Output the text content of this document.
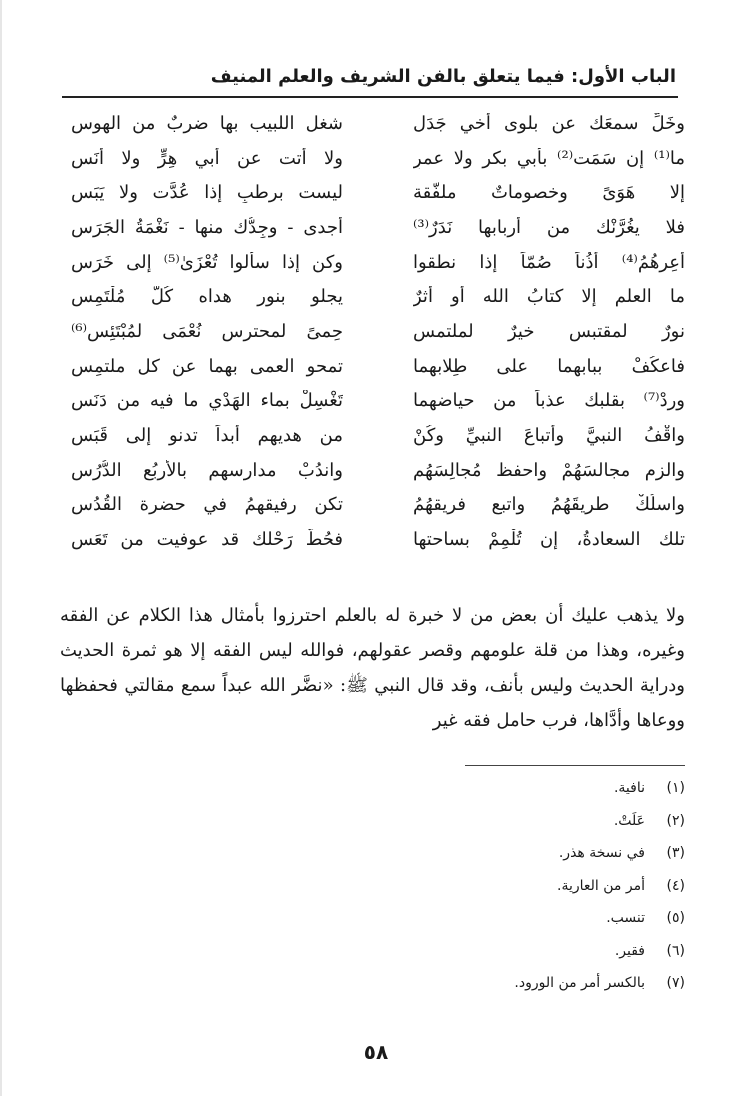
الباب الأول: فيما يتعلق بالفن الشريف والعلم المنيف
وخَلِّ سمعَك عن بلوى أخي جَدَل
شغل اللبيب بها ضربٌ من الهوسِ
ما⁽¹⁾ إن سَمَت⁽²⁾ بأبي بكر ولا عمرٍ
ولا أتت عن أبي هِرٍّ ولا أنَسِ
إلا هَوَىً وخصوماتٌ ملفَّقة
ليست برطبٍ إذا عُدَّت ولا يَبَسِ
فلا يغُرَّنْك من أربابها نَدَرٌ⁽³⁾
أجدى - وجِدُّك منها - نَغْمَةُ الجَرَسِ
أعِرهُمُ⁽⁴⁾ أذُناً صُمّاً إذا نطقوا
وكن إذا سألوا تُعْزَىٰ⁽⁵⁾ إلى خَرَسِ
ما العلم إلا كتابُ الله أو أثرٌ
يجلو بنور هداه كُلَّ مُلْتَمِسِ
نورٌ لمقتبسٍ خيرٌ لملتمسٍ
حِمىً لمحترسٍ نُعْمَى لمُبْتَئِسِ⁽⁶⁾
فاعكُفْ ببابهما على طِلابهما
تمحو العمى بهما عن كل ملتمِسِ
وردْ⁽⁷⁾ بقلبك عذباً من حياضهما
تَغْسِلْ بماء الهَدْيِ ما فيه من دَنَسِ
واقْفُ النبيَّ وأتباعَ النبيِّ وكُنْ
من هديهم أبداً تدنو إلى قَبَسِ
والزم مجالسَهُمْ واحفظ مُجالِسَهُم
واندُبْ مدارسهم بالأربُعِ الدُّرُسِ
واسلُكْ طريقَهُمُ واتبع فريقهُمُ
تكن رفيقهمُ في حضرة القُدُسِ
تلك السعادةُ، إن تُلْمِمْ بساحتها
فحُطَّ رَحْلك قد عوفيت من تَعَسِ
ولا يذهب عليك أن بعض من لا خبرة له بالعلم احترزوا بأمثال هذا الكلام عن الفقه وغيره، وهذا من قلة علومهم وقصر عقولهم، فوالله ليس الفقه إلا هو ثمرة الحديث ودراية الحديث وليس بأنف، وقد قال النبي ﷺ: «نضَّر الله عبداً سمع مقالتي فحفظها ووعاها وأدَّاها، فرب حامل فقه غير
(١)
نافية.
(٢)
عَلَتْ.
(٣)
في نسخة هذر.
(٤)
أمر من العارية.
(٥)
تنسب.
(٦)
فقير.
(٧)
بالكسر أمر من الورود.
٥٨
